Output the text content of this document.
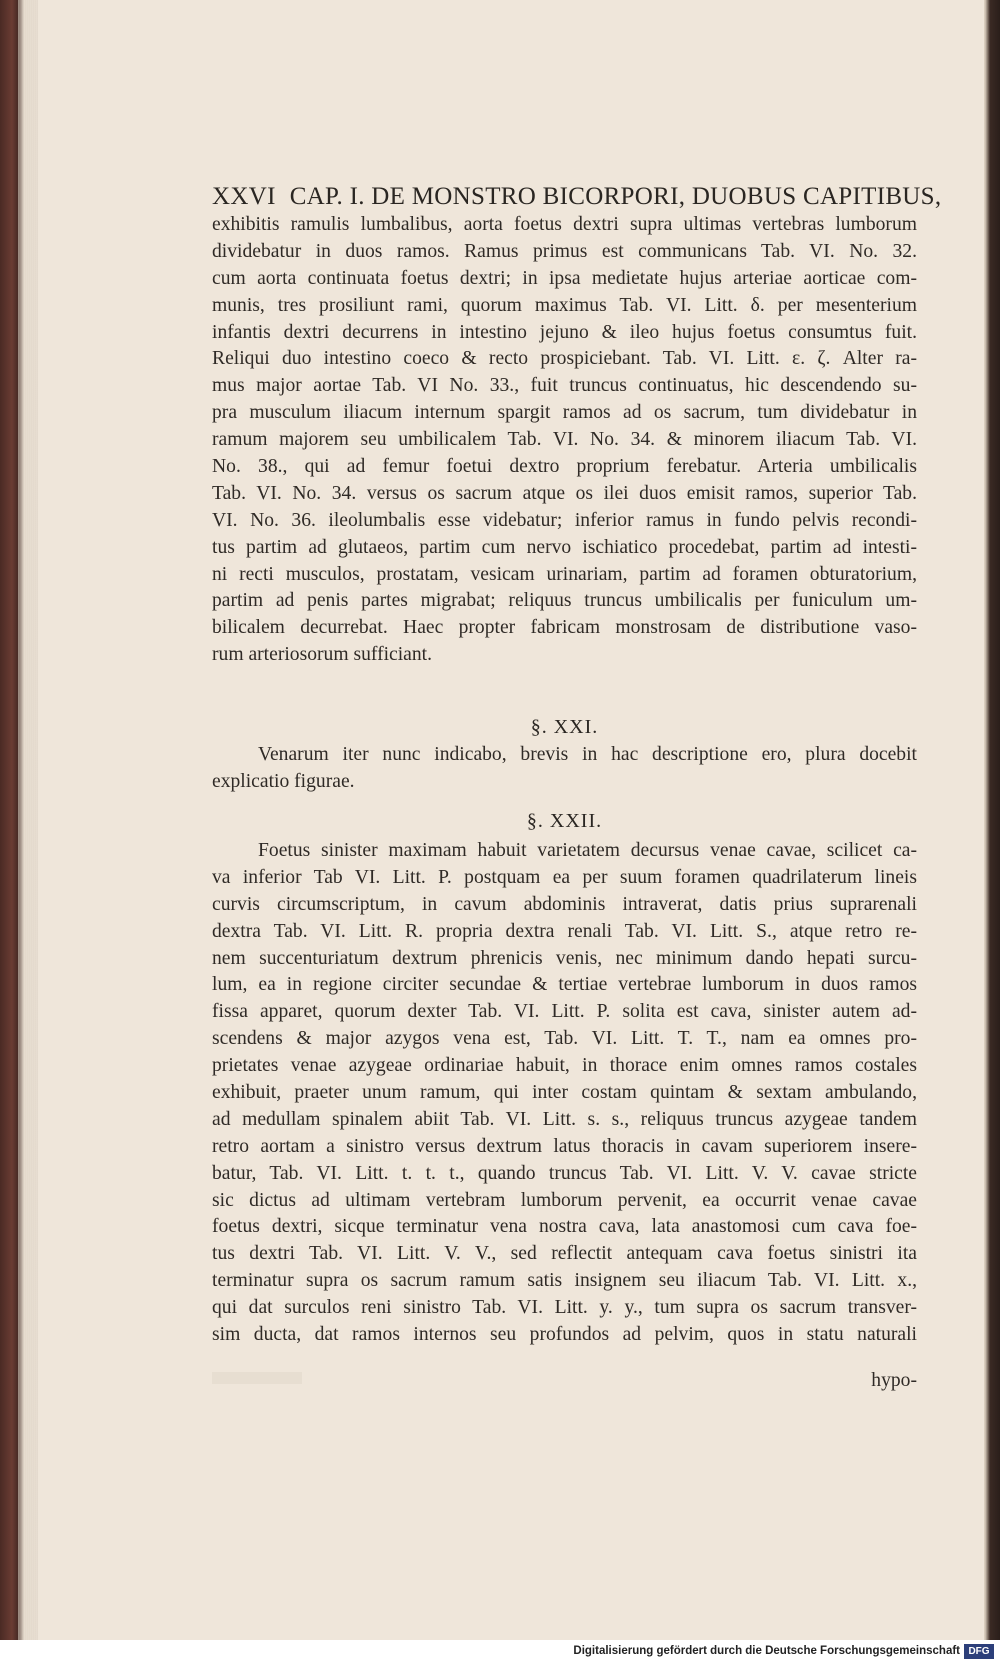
XXVI CAP. I. DE MONSTRO BICORPORI, DUOBUS CAPITIBUS,
exhibitis ramulis lumbalibus, aorta foetus dextri supra ultimas vertebras lumborum
dividebatur in duos ramos. Ramus primus est communicans Tab. VI. No. 32.
cum aorta continuata foetus dextri; in ipsa medietate hujus arteriae aorticae com-
munis, tres prosiliunt rami, quorum maximus Tab. VI. Litt. δ. per mesenterium
infantis dextri decurrens in intestino jejuno & ileo hujus foetus consumtus fuit.
Reliqui duo intestino coeco & recto prospiciebant. Tab. VI. Litt. ε. ζ. Alter ra-
mus major aortae Tab. VI No. 33., fuit truncus continuatus, hic descendendo su-
pra musculum iliacum internum spargit ramos ad os sacrum, tum dividebatur in
ramum majorem seu umbilicalem Tab. VI. No. 34. & minorem iliacum Tab. VI.
No. 38., qui ad femur foetui dextro proprium ferebatur. Arteria umbilicalis
Tab. VI. No. 34. versus os sacrum atque os ilei duos emisit ramos, superior Tab.
VI. No. 36. ileolumbalis esse videbatur; inferior ramus in fundo pelvis recondi-
tus partim ad glutaeos, partim cum nervo ischiatico procedebat, partim ad intesti-
ni recti musculos, prostatam, vesicam urinariam, partim ad foramen obturatorium,
partim ad penis partes migrabat; reliquus truncus umbilicalis per funiculum um-
bilicalem decurrebat. Haec propter fabricam monstrosam de distributione vaso-
rum arteriosorum sufficiant.
§. XXI.
Venarum iter nunc indicabo, brevis in hac descriptione ero, plura docebit
explicatio figurae.
§. XXII.
Foetus sinister maximam habuit varietatem decursus venae cavae, scilicet ca-
va inferior Tab VI. Litt. P. postquam ea per suum foramen quadrilaterum lineis
curvis circumscriptum, in cavum abdominis intraverat, datis prius suprarenali
dextra Tab. VI. Litt. R. propria dextra renali Tab. VI. Litt. S., atque retro re-
nem succenturiatum dextrum phrenicis venis, nec minimum dando hepati surcu-
lum, ea in regione circiter secundae & tertiae vertebrae lumborum in duos ramos
fissa apparet, quorum dexter Tab. VI. Litt. P. solita est cava, sinister autem ad-
scendens & major azygos vena est, Tab. VI. Litt. T. T., nam ea omnes pro-
prietates venae azygeae ordinariae habuit, in thorace enim omnes ramos costales
exhibuit, praeter unum ramum, qui inter costam quintam & sextam ambulando,
ad medullam spinalem abiit Tab. VI. Litt. s. s., reliquus truncus azygeae tandem
retro aortam a sinistro versus dextrum latus thoracis in cavam superiorem insere-
batur, Tab. VI. Litt. t. t. t., quando truncus Tab. VI. Litt. V. V. cavae stricte
sic dictus ad ultimam vertebram lumborum pervenit, ea occurrit venae cavae
foetus dextri, sicque terminatur vena nostra cava, lata anastomosi cum cava foe-
tus dextri Tab. VI. Litt. V. V., sed reflectit antequam cava foetus sinistri ita
terminatur supra os sacrum ramum satis insignem seu iliacum Tab. VI. Litt. x.,
qui dat surculos reni sinistro Tab. VI. Litt. y. y., tum supra os sacrum transver-
sim ducta, dat ramos internos seu profundos ad pelvim, quos in statu naturali
hypo-
Digitalisierung gefördert durch die Deutsche Forschungsgemeinschaft DFG
